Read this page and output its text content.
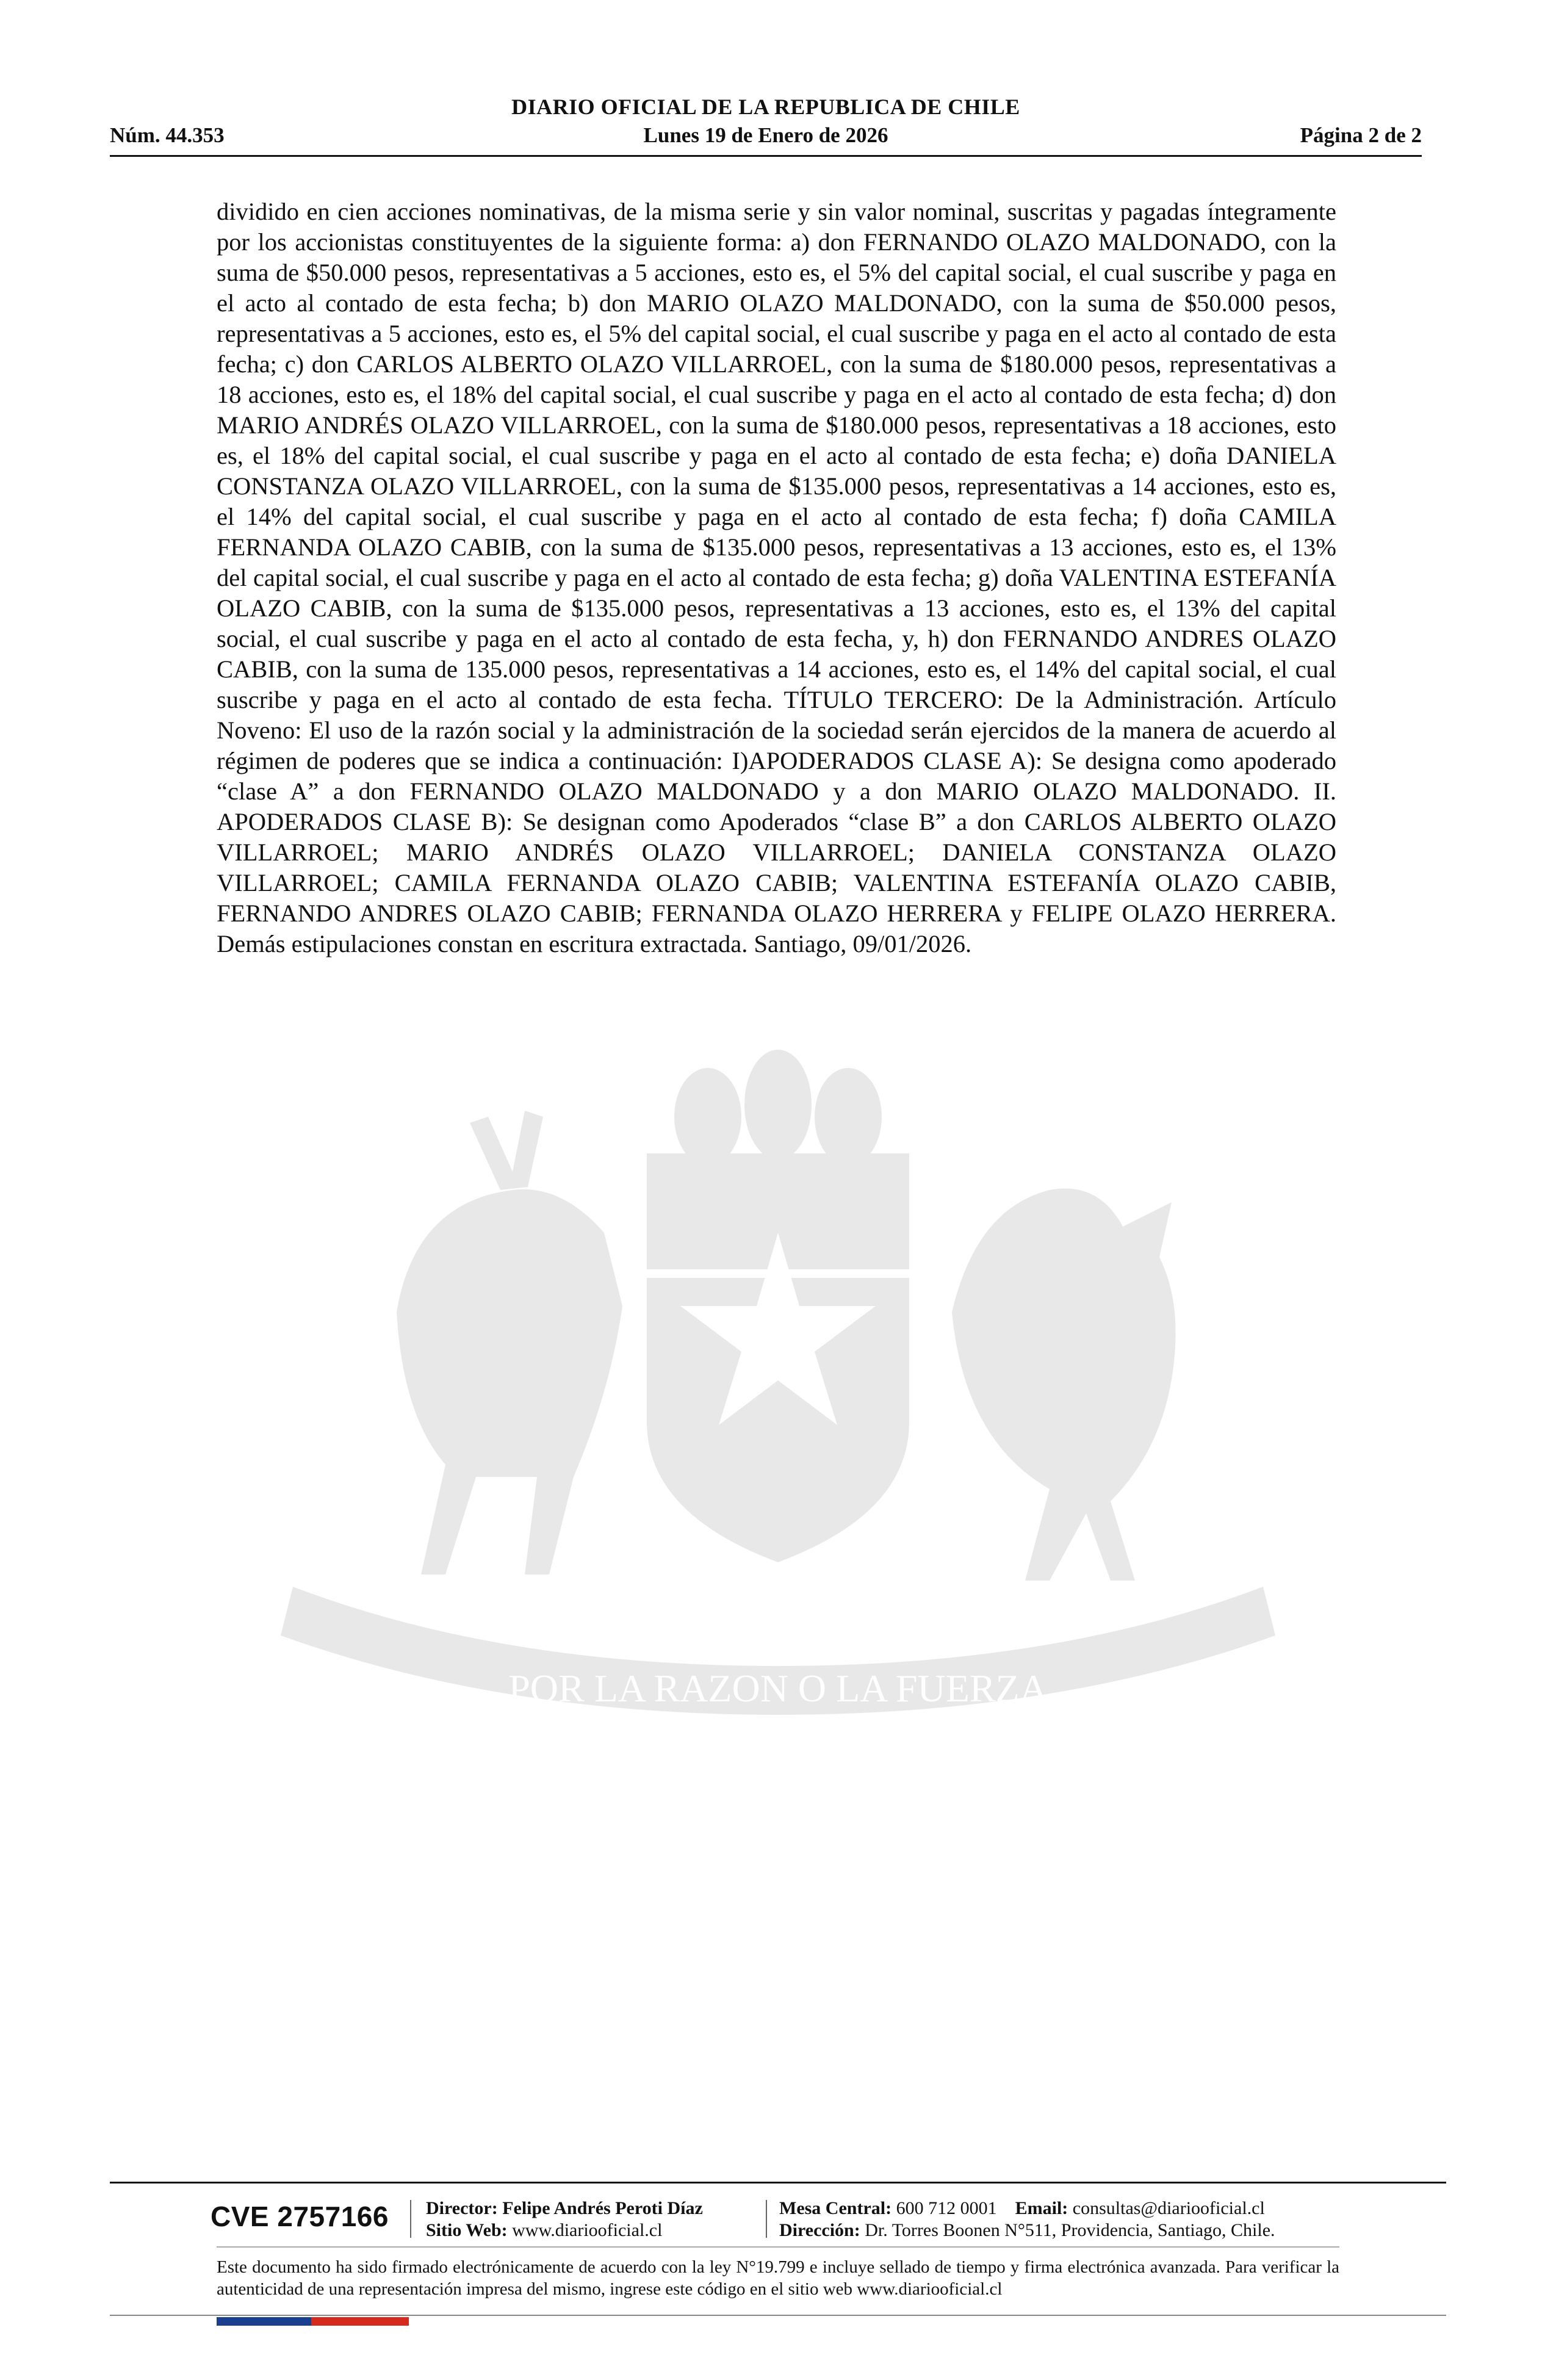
DIARIO OFICIAL DE LA REPUBLICA DE CHILE
Núm. 44.353	Lunes 19 de Enero de 2026	Página 2 de 2
POR LA RAZON O LA FUERZA
dividido en cien acciones nominativas, de la misma serie y sin valor nominal, suscritas y pagadas íntegramente por los accionistas constituyentes de la siguiente forma: a) don FERNANDO OLAZO MALDONADO, con la suma de $50.000 pesos, representativas a 5 acciones, esto es, el 5% del capital social, el cual suscribe y paga en el acto al contado de esta fecha; b) don MARIO OLAZO MALDONADO, con la suma de $50.000 pesos, representativas a 5 acciones, esto es, el 5% del capital social, el cual suscribe y paga en el acto al contado de esta fecha; c) don CARLOS ALBERTO OLAZO VILLARROEL, con la suma de $180.000 pesos, representativas a 18 acciones, esto es, el 18% del capital social, el cual suscribe y paga en el acto al contado de esta fecha; d) don MARIO ANDRÉS OLAZO VILLARROEL, con la suma de $180.000 pesos, representativas a 18 acciones, esto es, el 18% del capital social, el cual suscribe y paga en el acto al contado de esta fecha; e) doña DANIELA CONSTANZA OLAZO VILLARROEL, con la suma de $135.000 pesos, representativas a 14 acciones, esto es, el 14% del capital social, el cual suscribe y paga en el acto al contado de esta fecha; f) doña CAMILA FERNANDA OLAZO CABIB, con la suma de $135.000 pesos, representativas a 13 acciones, esto es, el 13% del capital social, el cual suscribe y paga en el acto al contado de esta fecha; g) doña VALENTINA ESTEFANÍA OLAZO CABIB, con la suma de $135.000 pesos, representativas a 13 acciones, esto es, el 13% del capital social, el cual suscribe y paga en el acto al contado de esta fecha, y, h) don FERNANDO ANDRES OLAZO CABIB, con la suma de 135.000 pesos, representativas a 14 acciones, esto es, el 14% del capital social, el cual suscribe y paga en el acto al contado de esta fecha. TÍTULO TERCERO: De la Administración. Artículo Noveno: El uso de la razón social y la administración de la sociedad serán ejercidos de la manera de acuerdo al régimen de poderes que se indica a continuación: I)APODERADOS CLASE A): Se designa como apoderado “clase A” a don FERNANDO OLAZO MALDONADO y a don MARIO OLAZO MALDONADO. II. APODERADOS CLASE B): Se designan como Apoderados “clase B” a don CARLOS ALBERTO OLAZO VILLARROEL; MARIO ANDRÉS OLAZO VILLARROEL; DANIELA CONSTANZA OLAZO VILLARROEL; CAMILA FERNANDA OLAZO CABIB; VALENTINA ESTEFANÍA OLAZO CABIB, FERNANDO ANDRES OLAZO CABIB; FERNANDA OLAZO HERRERA y FELIPE OLAZO HERRERA. Demás estipulaciones constan en escritura extractada. Santiago, 09/01/2026.
CVE 2757166 Director: Felipe Andrés Peroti Díaz
Sitio Web: www.diariooficial.cl
Mesa Central: 600 712 0001 Email: consultas@diariooficial.cl
Dirección: Dr. Torres Boonen N°511, Providencia, Santiago, Chile.
Este documento ha sido firmado electrónicamente de acuerdo con la ley N°19.799 e incluye sellado de tiempo y firma electrónica avanzada. Para verificar la autenticidad de una representación impresa del mismo, ingrese este código en el sitio web www.diariooficial.cl
